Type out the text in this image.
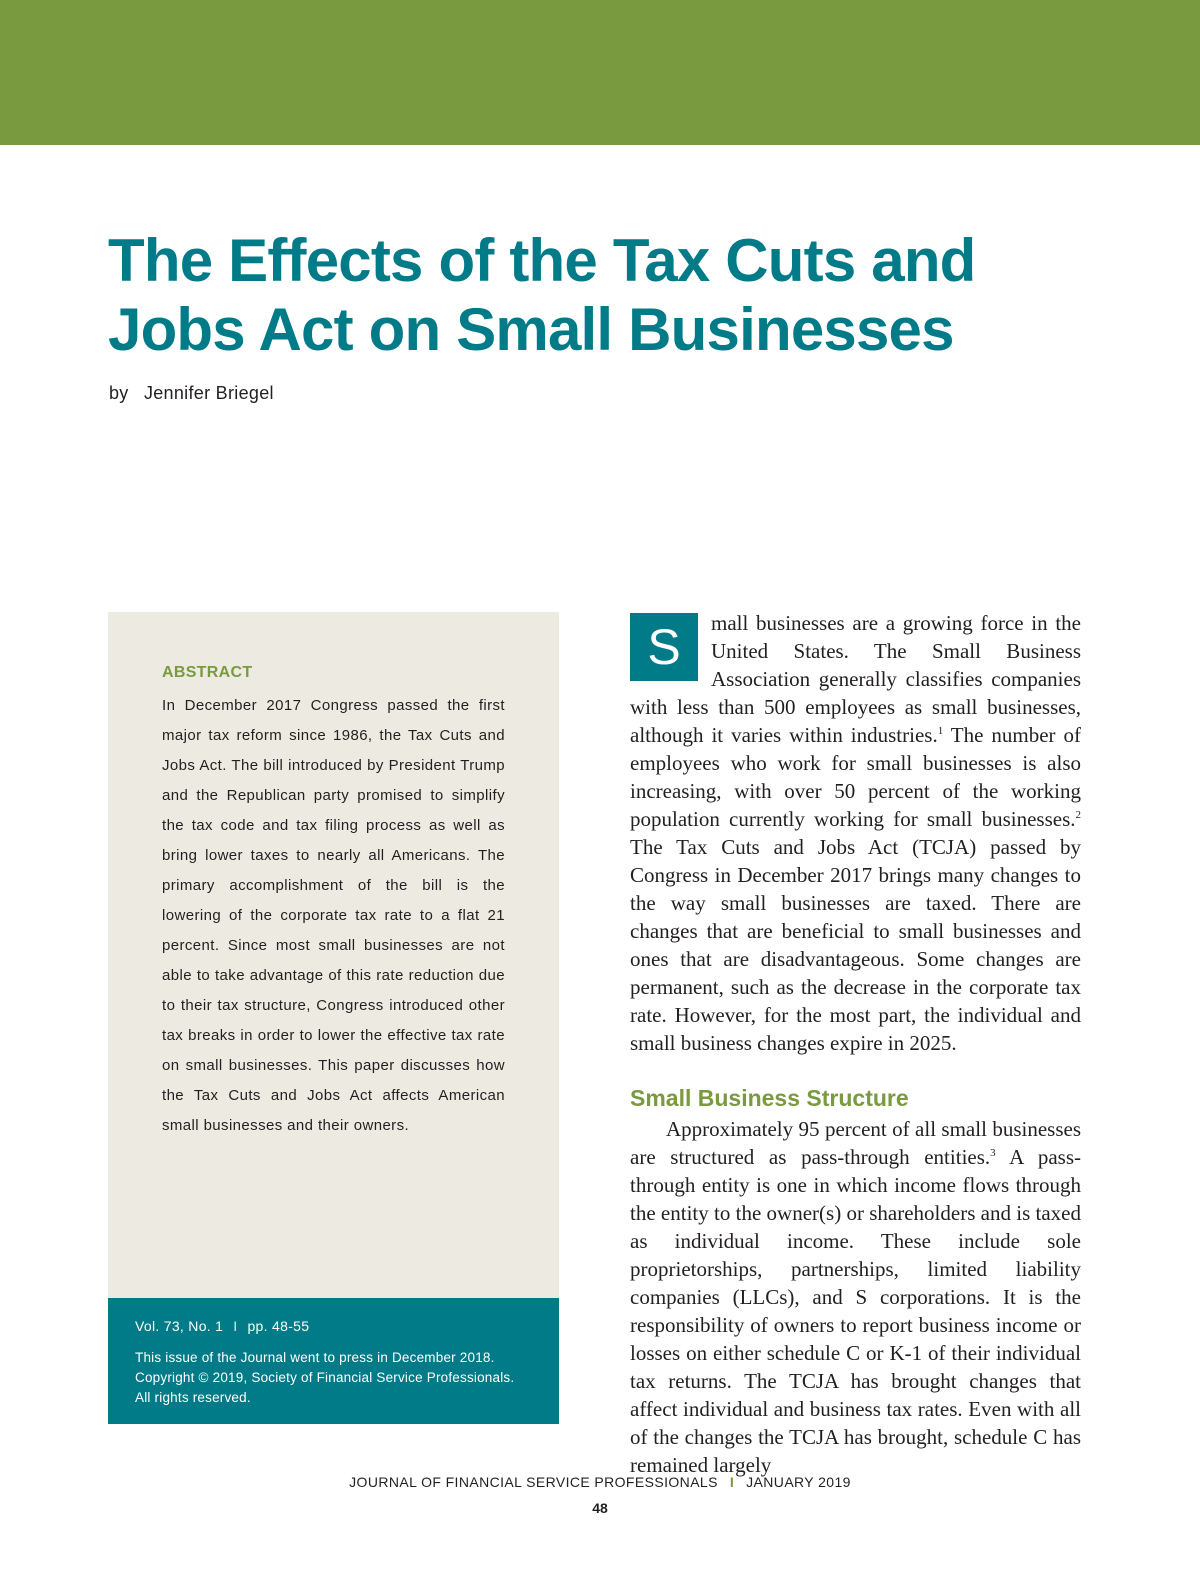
The Effects of the Tax Cuts and Jobs Act on Small Businesses

by Jennifer Briegel

ABSTRACT

In December 2017 Congress passed the first major tax reform since 1986, the Tax Cuts and Jobs Act. The bill introduced by President Trump and the Republican party promised to simplify the tax code and tax filing process as well as bring lower taxes to nearly all Americans. The primary accomplishment of the bill is the lowering of the corporate tax rate to a flat 21 percent. Since most small businesses are not able to take advantage of this rate reduction due to their tax structure, Congress introduced other tax breaks in order to lower the effective tax rate on small businesses. This paper discusses how the Tax Cuts and Jobs Act affects American small businesses and their owners.

Vol. 73, No. 1 I pp. 48-55

This issue of the Journal went to press in December 2018.
Copyright © 2019, Society of Financial Service Professionals.
All rights reserved.

S	mall businesses are a growing force in the United States. The Small Business Association generally classifies companies with less than 500 employees as small businesses, although it varies within industries.$^1$ The number of employees who work for small businesses is also increasing, with over 50 percent of the working population currently working for small businesses.$^2$ The Tax Cuts and Jobs Act (TCJA) passed by Congress in December 2017 brings many changes to the way small businesses are taxed. There are changes that are beneficial to small businesses and ones that are disadvantageous. Some changes are permanent, such as the decrease in the corporate tax rate. However, for the most part, the individual and small business changes expire in 2025.

Small Business Structure

Approximately 95 percent of all small businesses are structured as pass-through entities.$^3$ A pass-through entity is one in which income flows through the entity to the owner(s) or shareholders and is taxed as individual income. These include sole proprietorships, partnerships, limited liability companies (LLCs), and S corporations. It is the responsibility of owners to report business income or losses on either schedule C or K-1 of their individual tax returns. The TCJA has brought changes that affect individual and business tax rates. Even with all of the changes the TCJA has brought, schedule C has remained largely

JOURNAL OF FINANCIAL SERVICE PROFESSIONALS I JANUARY 2019
48
